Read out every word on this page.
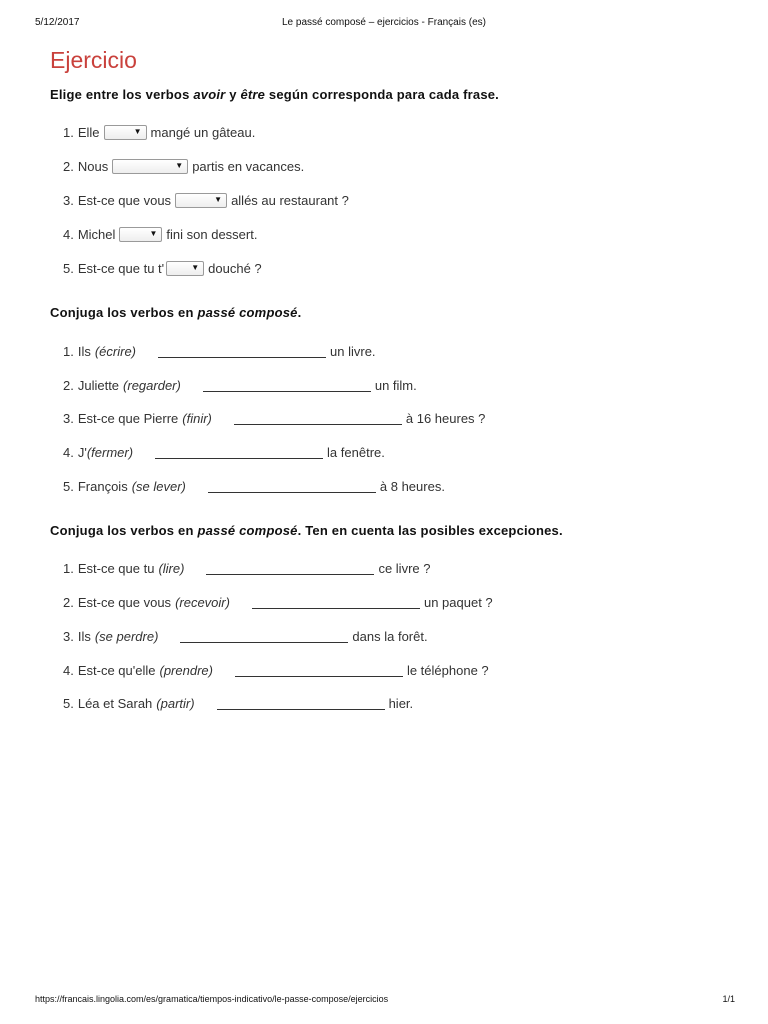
5/12/2017	Le passé composé – ejercicios - Français (es)
Ejercicio
Elige entre los verbos avoir y être según corresponda para cada frase.
1. Elle	▼ mangé un gâteau.
2. Nous	▼ partis en vacances.
3. Est-ce que vous	▼ allés au restaurant ?
4. Michel	▼ fini son dessert.
5. Est-ce que tu t'	▼ douché ?
Conjuga los verbos en passé composé.
1. Ils (écrire)	un livre.
2. Juliette (regarder)	un film.
3. Est-ce que Pierre (finir)	à 16 heures ?
4. J' (fermer)	la fenêtre.
5. François (se lever)	à 8 heures.
Conjuga los verbos en passé composé. Ten en cuenta las posibles excepciones.
1. Est-ce que tu (lire)	ce livre ?
2. Est-ce que vous (recevoir)	un paquet ?
3. Ils (se perdre)	dans la forêt.
4. Est-ce qu'elle (prendre)	le téléphone ?
5. Léa et Sarah (partir)	hier.
https://francais.lingolia.com/es/gramatica/tiempos-indicativo/le-passe-compose/ejercicios	1/1
